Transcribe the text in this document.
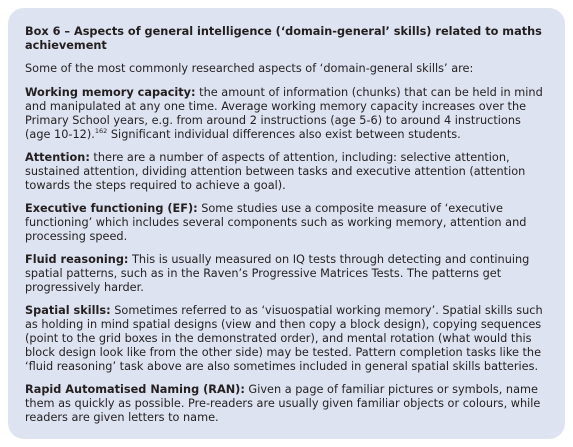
Box 6 – Aspects of general intelligence (‘domain-general’ skills) related to maths achievement
Some of the most commonly researched aspects of ‘domain-general skills’ are:
Working memory capacity: the amount of information (chunks) that can be held in mind and manipulated at any one time. Average working memory capacity increases over the Primary School years, e.g. from around 2 instructions (age 5-6) to around 4 instructions (age 10-12).$^{162}$ Significant individual differences also exist between students.
Attention: there are a number of aspects of attention, including: selective attention, sustained attention, dividing attention between tasks and executive attention (attention towards the steps required to achieve a goal).
Executive functioning (EF): Some studies use a composite measure of ‘executive functioning’ which includes several components such as working memory, attention and processing speed.
Fluid reasoning: This is usually measured on IQ tests through detecting and continuing spatial patterns, such as in the Raven’s Progressive Matrices Tests. The patterns get progressively harder.
Spatial skills: Sometimes referred to as ‘visuospatial working memory’. Spatial skills such as holding in mind spatial designs (view and then copy a block design), copying sequences (point to the grid boxes in the demonstrated order), and mental rotation (what would this block design look like from the other side) may be tested. Pattern completion tasks like the ‘fluid reasoning’ task above are also sometimes included in general spatial skills batteries.
Rapid Automatised Naming (RAN): Given a page of familiar pictures or symbols, name them as quickly as possible. Pre-readers are usually given familiar objects or colours, while readers are given letters to name.
